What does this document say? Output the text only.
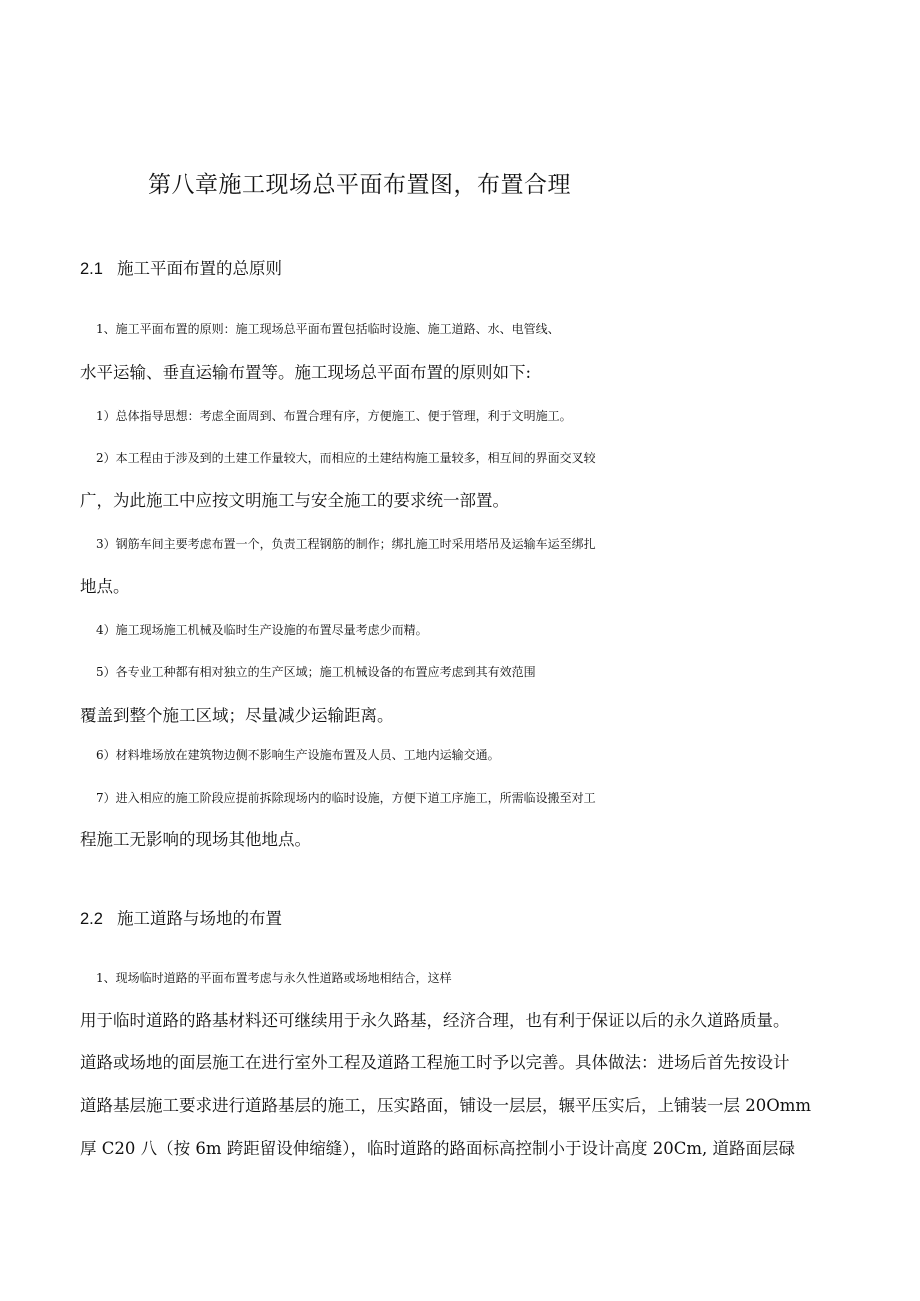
第八章施工现场总平面布置图，布置合理
2.1 施工平面布置的总原则
1、施工平面布置的原则：施工现场总平面布置包括临时设施、施工道路、水、电管线、
水平运输、垂直运输布置等。施工现场总平面布置的原则如下:
1）总体指导思想：考虑全面周到、布置合理有序，方便施工、便于管理，利于文明施工。
2）本工程由于涉及到的土建工作量较大，而相应的土建结构施工量较多，相互间的界面交叉较
广，为此施工中应按文明施工与安全施工的要求统一部置。
3）钢筋车间主要考虑布置一个，负责工程钢筋的制作；绑扎施工时采用塔吊及运输车运至绑扎
地点。
4）施工现场施工机械及临时生产设施的布置尽量考虑少而精。
5）各专业工种都有相对独立的生产区域；施工机械设备的布置应考虑到其有效范围
覆盖到整个施工区域；尽量减少运输距离。
6）材料堆场放在建筑物边侧不影响生产设施布置及人员、工地内运输交通。
7）进入相应的施工阶段应提前拆除现场内的临时设施，方便下道工序施工，所需临设搬至对工
程施工无影响的现场其他地点。
2.2 施工道路与场地的布置
1、现场临时道路的平面布置考虑与永久性道路或场地相结合，这样
用于临时道路的路基材料还可继续用于永久路基，经济合理，也有利于保证以后的永久道路质量。
道路或场地的面层施工在进行室外工程及道路工程施工时予以完善。具体做法：进场后首先按设计
道路基层施工要求进行道路基层的施工，压实路面，铺设一层层，辗平压实后，上铺装一层 20Omm
厚 C20 八（按 6m 跨距留设伸缩缝），临时道路的路面标高控制小于设计高度 20Cm, 道路面层碌
